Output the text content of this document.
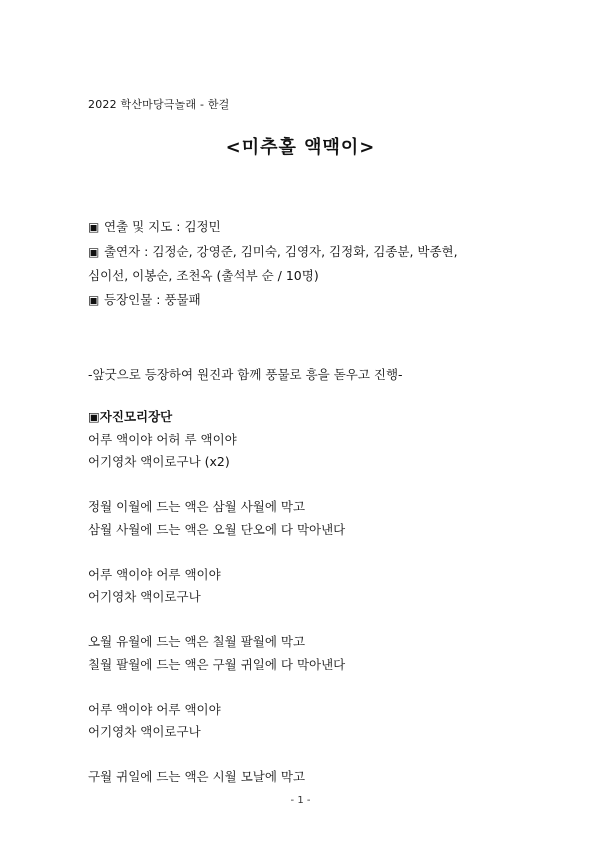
2022 학산마당극놀래 - 한걸
<미추홀 액맥이>
▣ 연출 및 지도 : 김정민
▣ 출연자 : 김정순, 강영준, 김미숙, 김영자, 김정화, 김종분, 박종현,
심이선, 이봉순, 조천옥 (출석부 순 / 10명)
▣ 등장인물 : 풍물패
-앞굿으로 등장하여 원진과 함께 풍물로 흥을 돋우고 진행-
▣자진모리장단
어루 액이야 어허 루 액이야
어기영차 액이로구나 (x2)
정월 이월에 드는 액은 삼월 사월에 막고
삼월 사월에 드는 액은 오월 단오에 다 막아낸다
어루 액이야 어루 액이야
어기영차 액이로구나
오월 유월에 드는 액은 칠월 팔월에 막고
칠월 팔월에 드는 액은 구월 귀일에 다 막아낸다
어루 액이야 어루 액이야
어기영차 액이로구나
구월 귀일에 드는 액은 시월 모날에 막고
- 1 -
